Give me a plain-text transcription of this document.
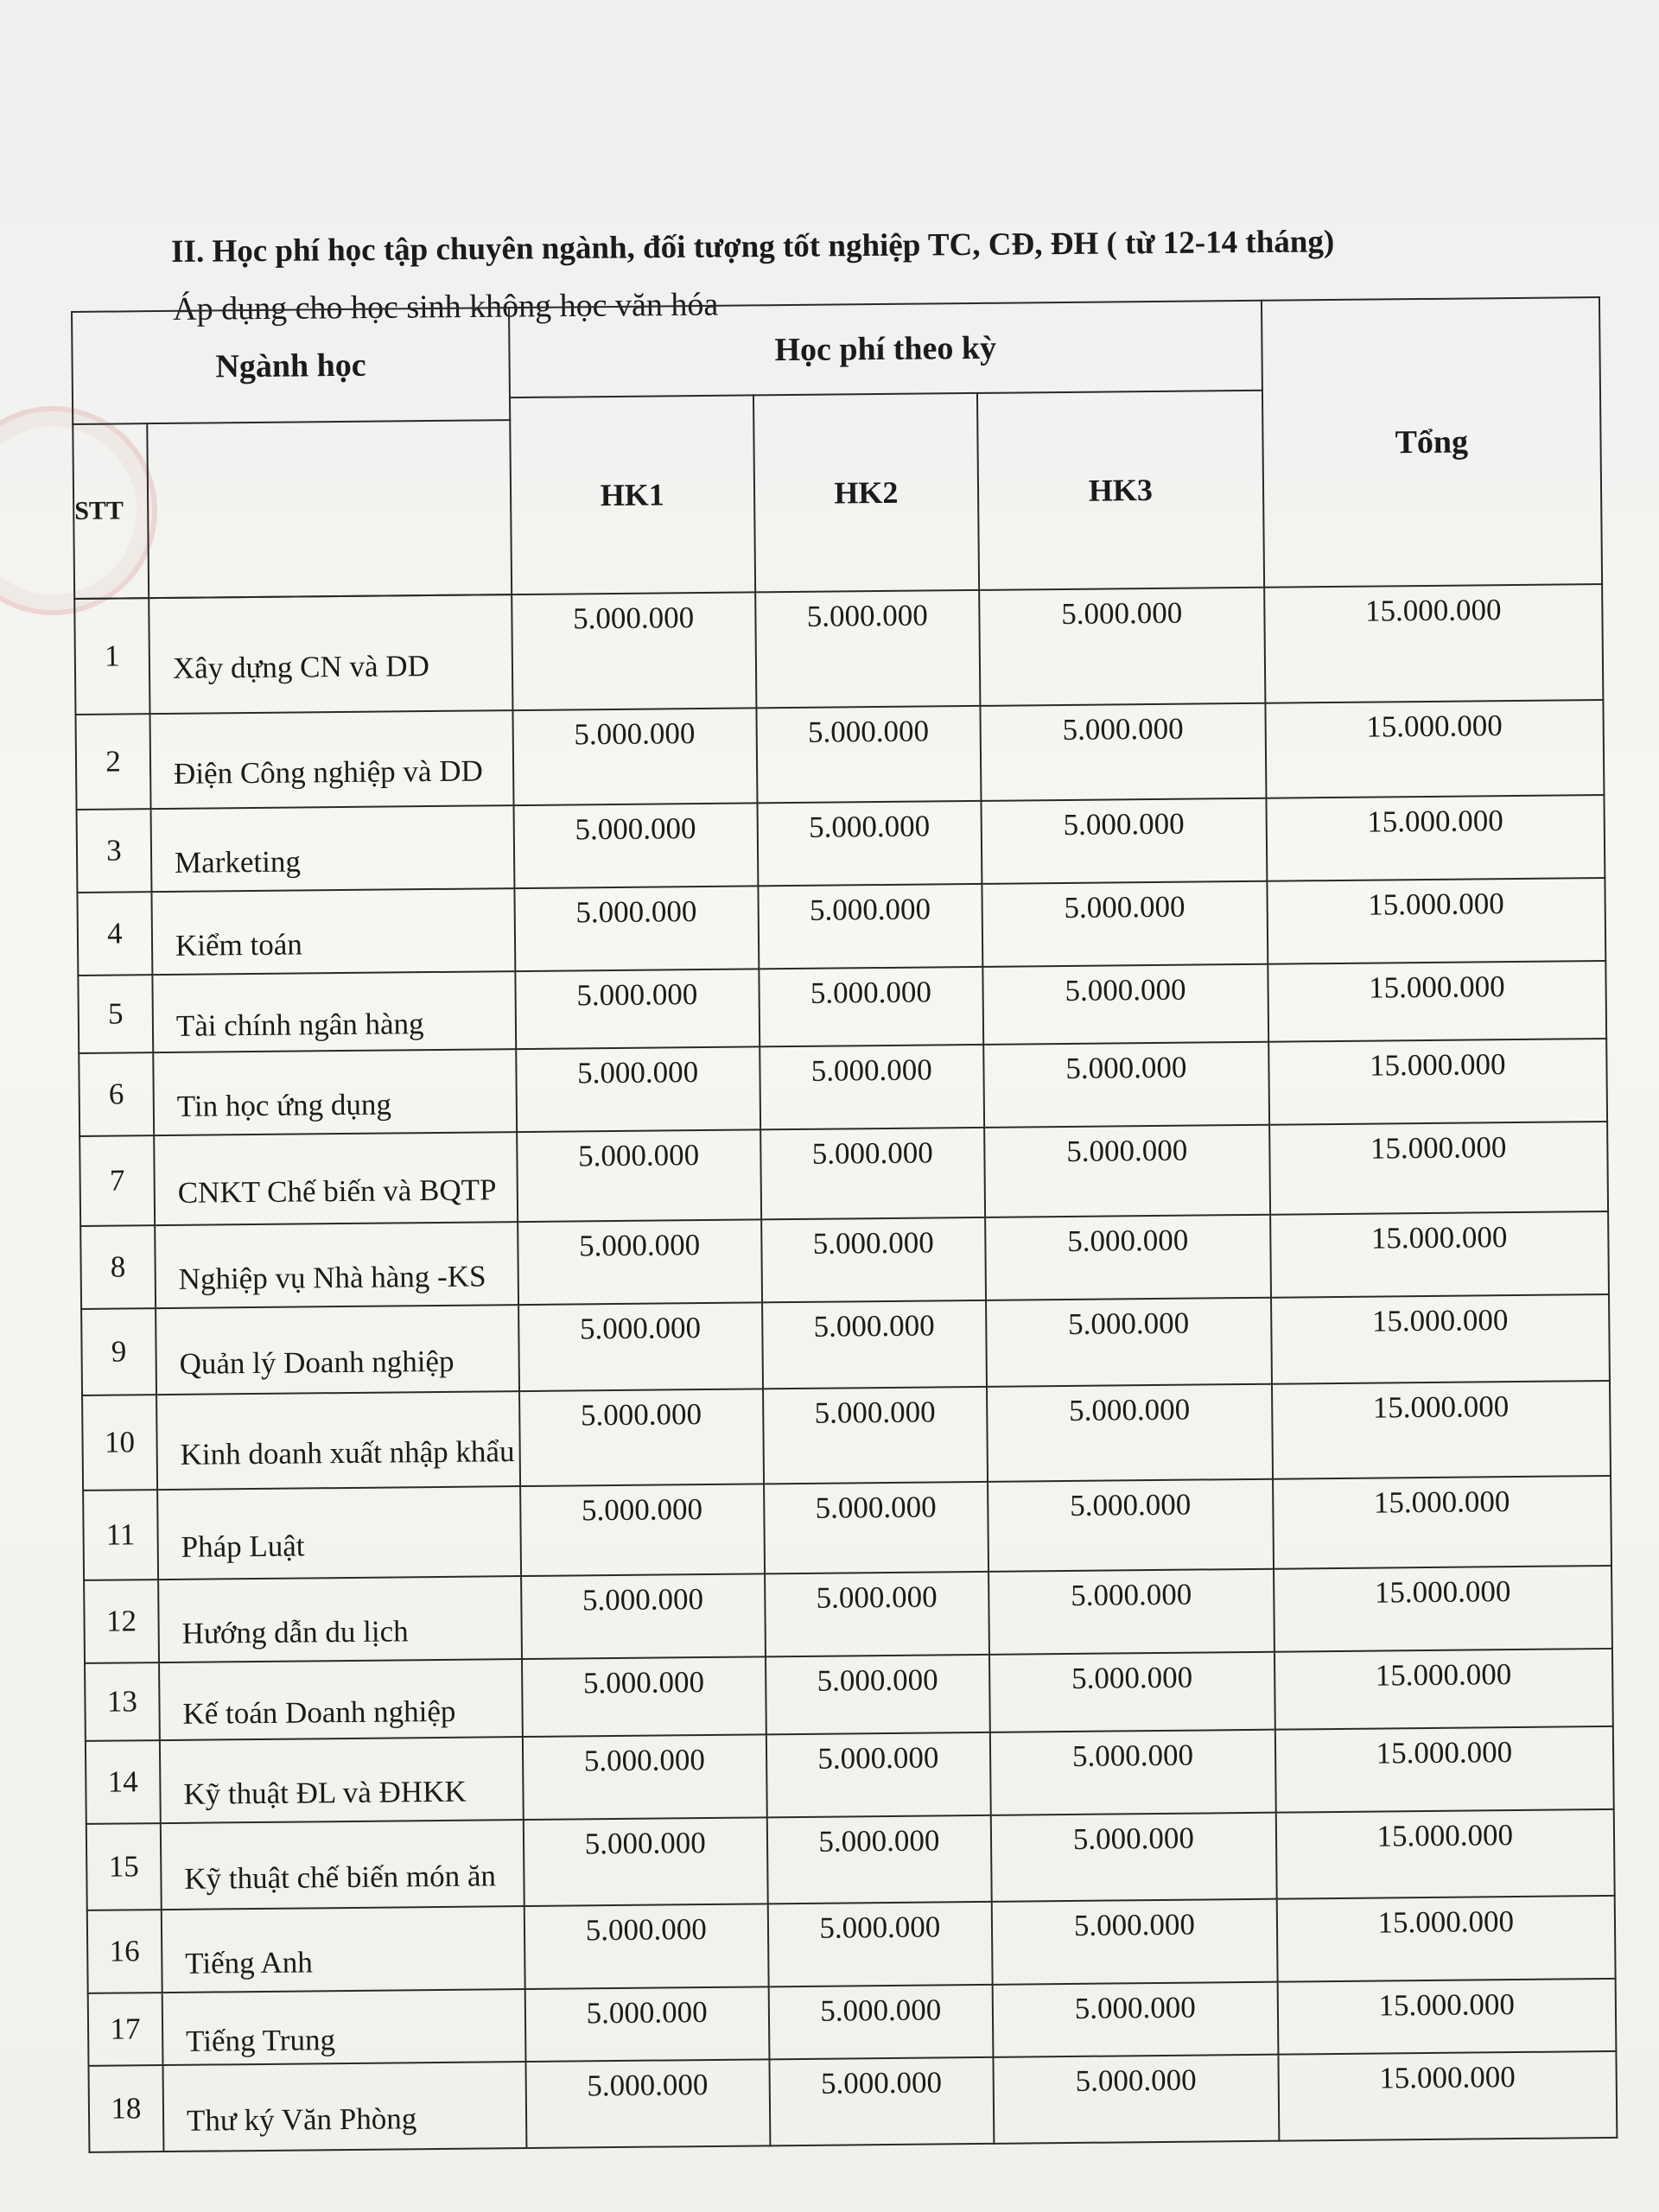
II. Học phí học tập chuyên ngành, đối tượng tốt nghiệp TC, CĐ, ĐH ( từ 12-14 tháng)

Áp dụng cho học sinh không học văn hóa

Ngành học		Học phí theo kỳ			Tổng
		HK1	HK2	HK3	
STT					

1	Xây dựng CN và DD	5.000.000	5.000.000	5.000.000	15.000.000
2	Điện Công nghiệp và DD	5.000.000	5.000.000	5.000.000	15.000.000
3	Marketing	5.000.000	5.000.000	5.000.000	15.000.000
4	Kiểm toán	5.000.000	5.000.000	5.000.000	15.000.000
5	Tài chính ngân hàng	5.000.000	5.000.000	5.000.000	15.000.000
6	Tin học ứng dụng	5.000.000	5.000.000	5.000.000	15.000.000
7	CNKT Chế biến và BQTP	5.000.000	5.000.000	5.000.000	15.000.000
8	Nghiệp vụ Nhà hàng -KS	5.000.000	5.000.000	5.000.000	15.000.000
9	Quản lý Doanh nghiệp	5.000.000	5.000.000	5.000.000	15.000.000
10	Kinh doanh xuất nhập khẩu	5.000.000	5.000.000	5.000.000	15.000.000
11	Pháp Luật	5.000.000	5.000.000	5.000.000	15.000.000
12	Hướng dẫn du lịch	5.000.000	5.000.000	5.000.000	15.000.000
13	Kế toán Doanh nghiệp	5.000.000	5.000.000	5.000.000	15.000.000
14	Kỹ thuật ĐL và ĐHKK	5.000.000	5.000.000	5.000.000	15.000.000
15	Kỹ thuật chế biến món ăn	5.000.000	5.000.000	5.000.000	15.000.000
16	Tiếng Anh	5.000.000	5.000.000	5.000.000	15.000.000
17	Tiếng Trung	5.000.000	5.000.000	5.000.000	15.000.000
18	Thư ký Văn Phòng	5.000.000	5.000.000	5.000.000	15.000.000
